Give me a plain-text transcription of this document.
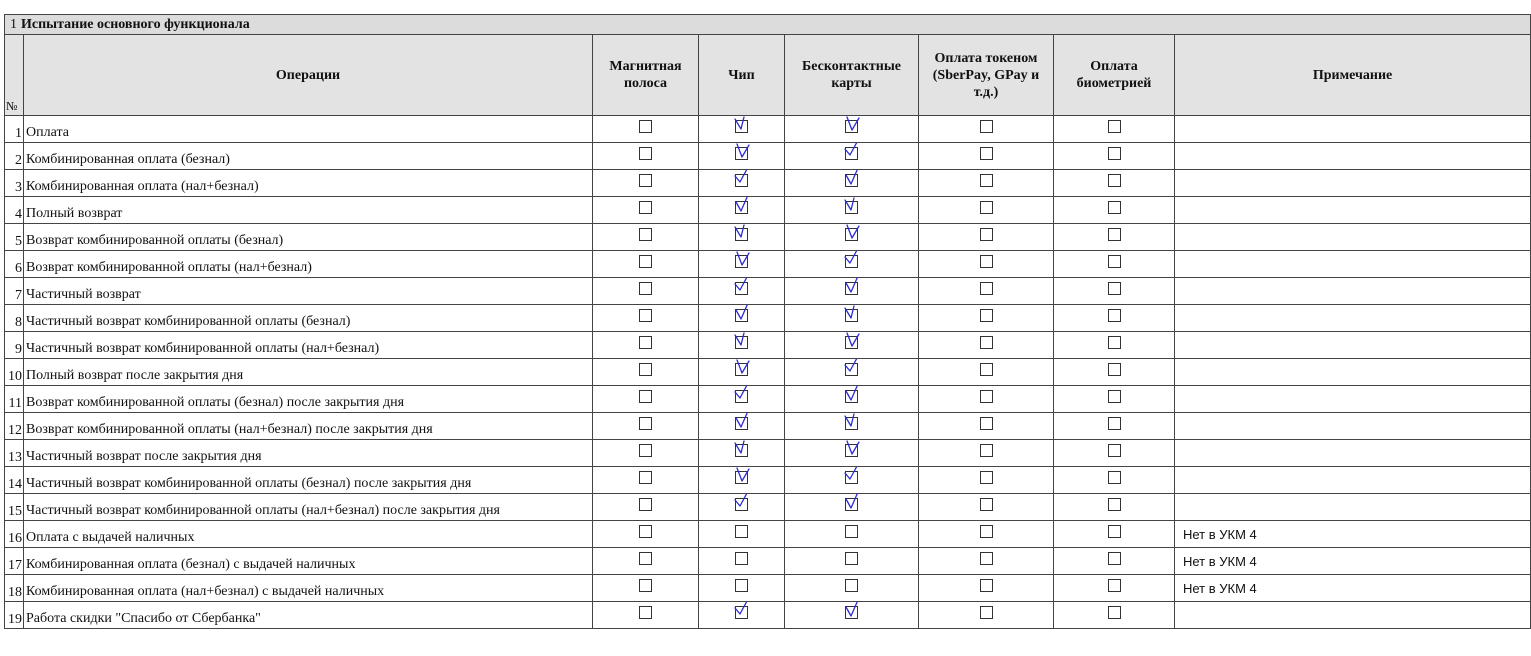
1 Испытание основного функционала							
№	Операции	Магнитная полоса	Чип	Бесконтактные карты	Оплата токеном (SberPay, GPay и т.д.)	Оплата биометрией	Примечание
1	Оплата		

2	Комбинированная оплата (безнал)		

3	Комбинированная оплата (нал+безнал)		

4	Полный возврат		

5	Возврат комбинированной оплаты (безнал)		

6	Возврат комбинированной оплаты (нал+безнал)		

7	Частичный возврат		

8	Частичный возврат комбинированной оплаты (безнал)		

9	Частичный возврат комбинированной оплаты (нал+безнал)		

10	Полный возврат после закрытия дня		

11	Возврат комбинированной оплаты (безнал) после закрытия дня		

12	Возврат комбинированной оплаты (нал+безнал) после закрытия дня		

13	Частичный возврат после закрытия дня		

14	Частичный возврат комбинированной оплаты (безнал) после закрытия дня		

15	Частичный возврат комбинированной оплаты (нал+безнал) после закрытия дня		

16	Оплата с выдачей наличных						Нет в УКМ 4
17	Комбинированная оплата (безнал) с выдачей наличных						Нет в УКМ 4
18	Комбинированная оплата (нал+безнал) с выдачей наличных						Нет в УКМ 4
19	Работа скидки "Спасибо от Сбербанка"		
